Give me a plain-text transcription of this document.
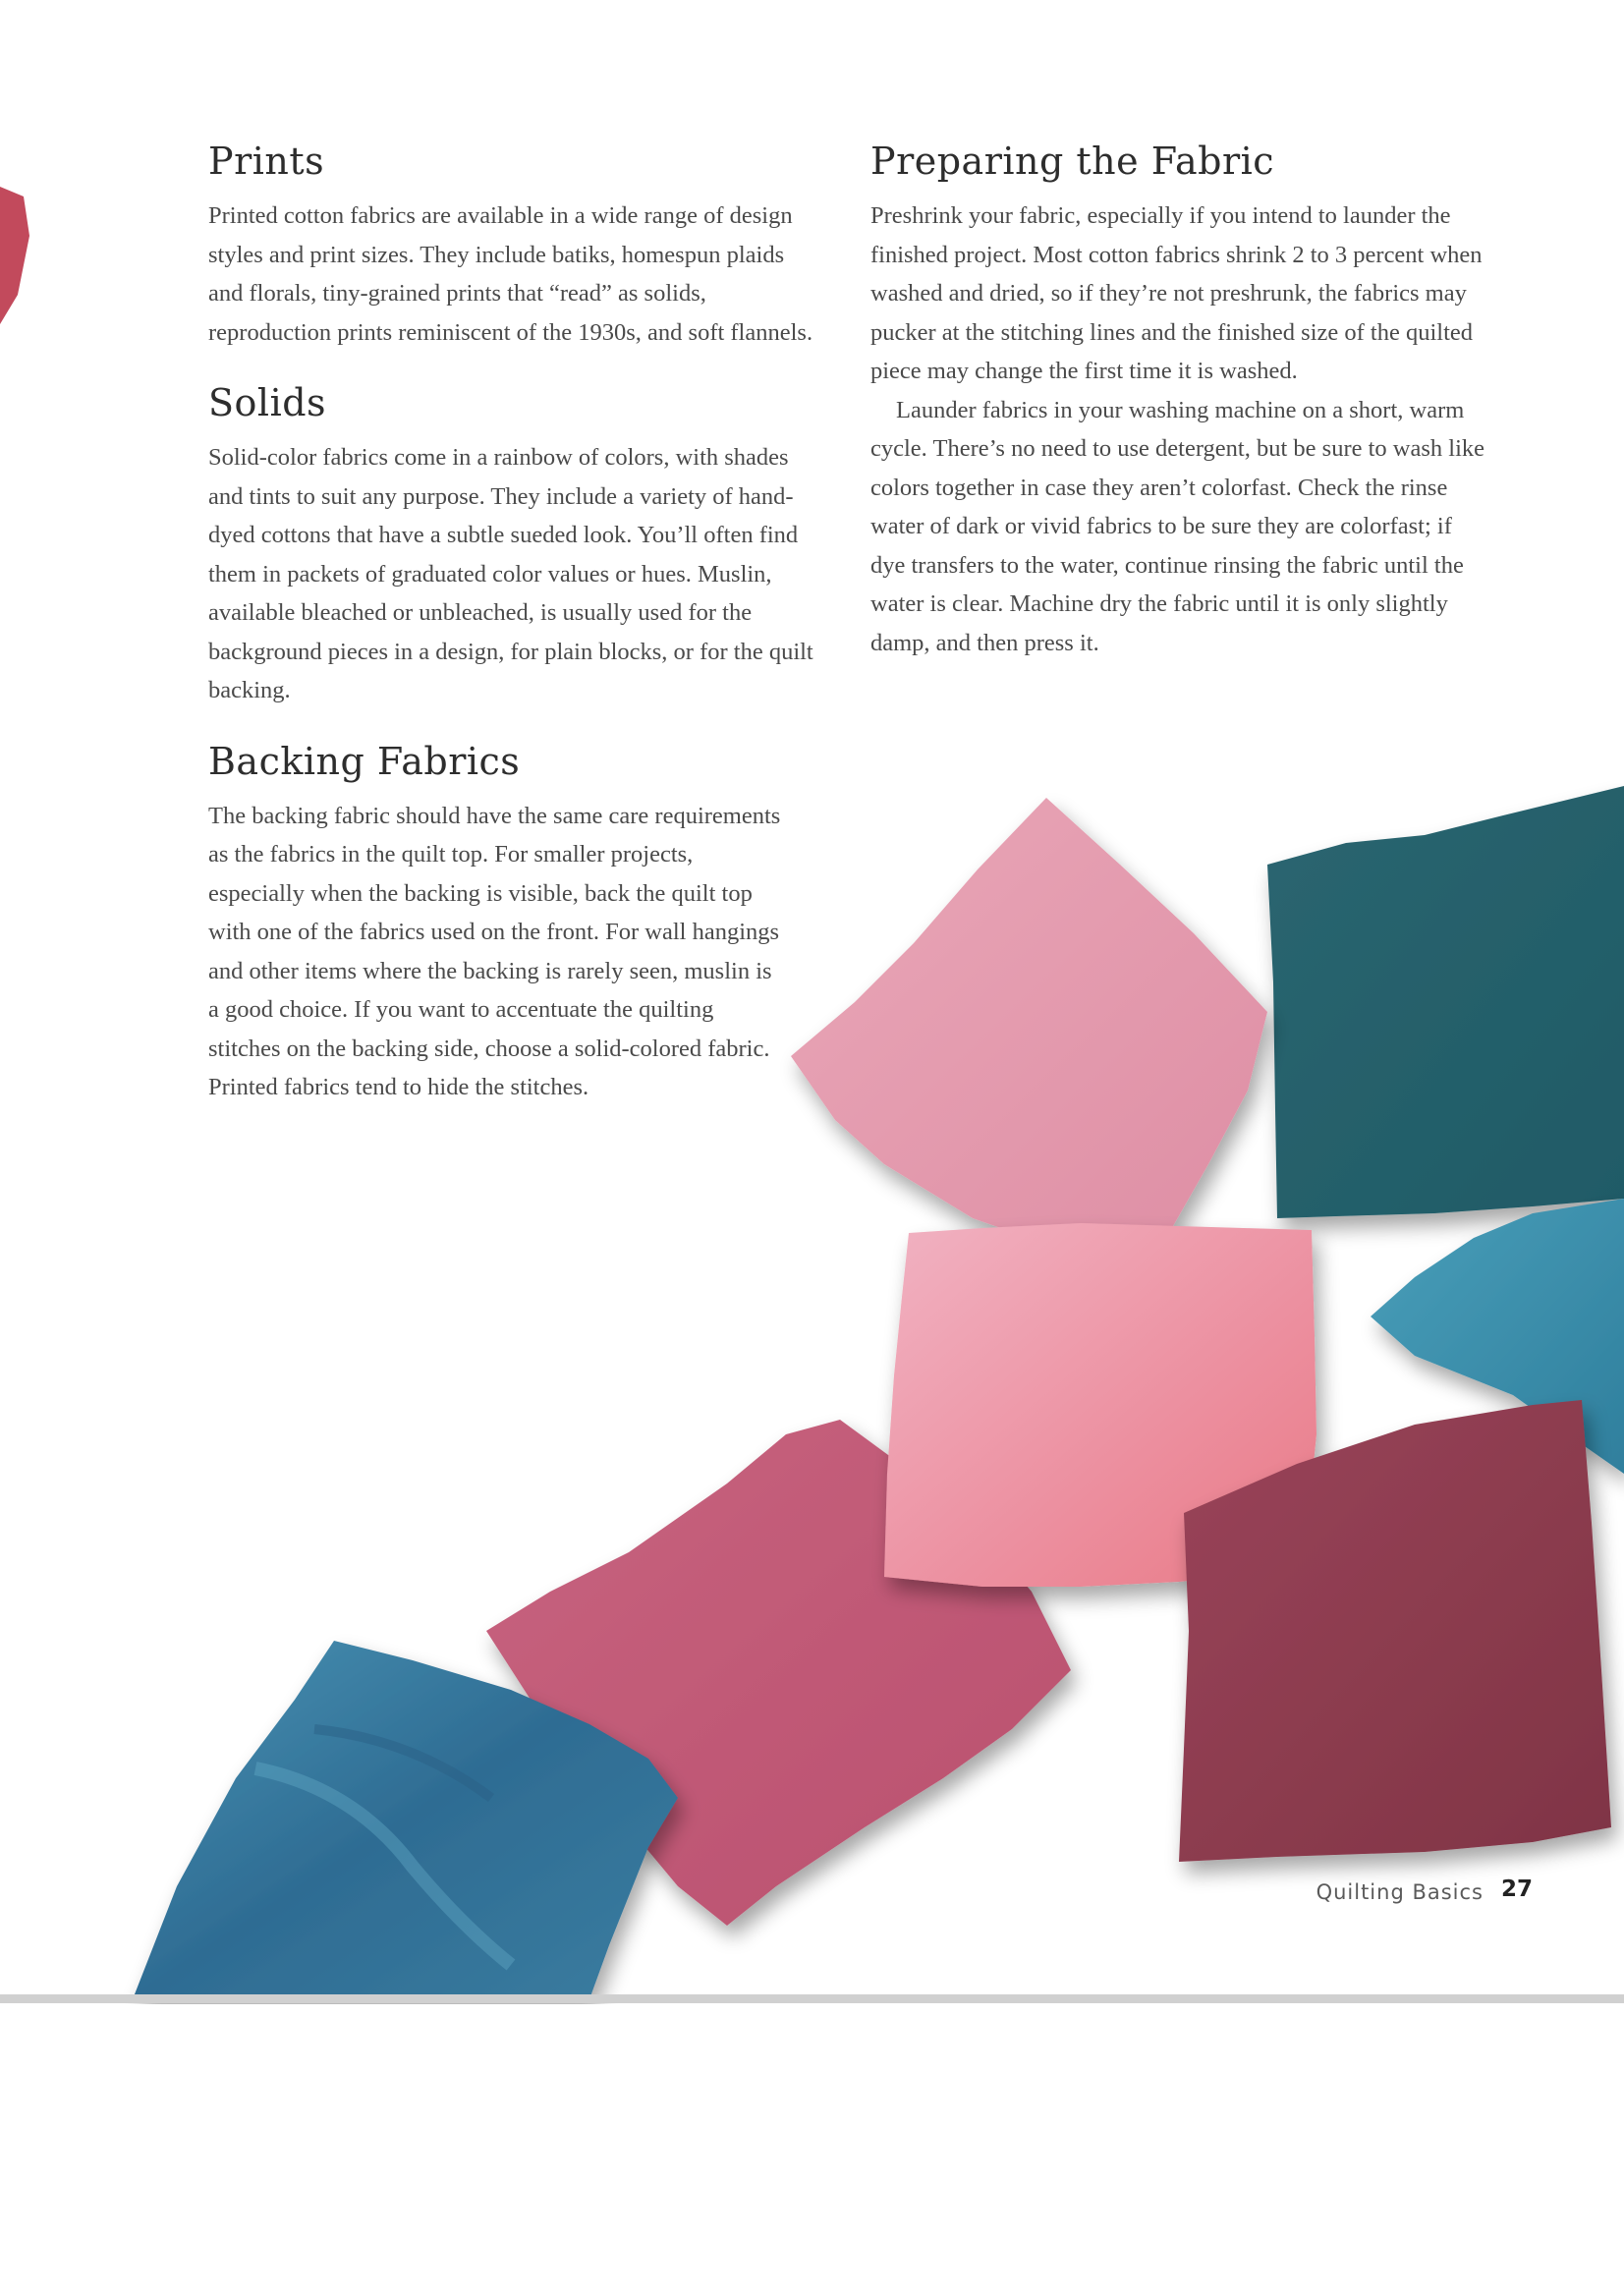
Prints

Printed cotton fabrics are available in a wide range of design styles and print sizes. They include batiks, homespun plaids and florals, tiny-grained prints that “read” as solids, reproduction prints reminiscent of the 1930s, and soft flannels.

Solids

Solid-color fabrics come in a rainbow of colors, with shades and tints to suit any purpose. They include a variety of hand-dyed cottons that have a subtle sueded look. You’ll often find them in packets of graduated color values or hues. Muslin, available bleached or unbleached, is usually used for the background pieces in a design, for plain blocks, or for the quilt backing.

Backing Fabrics

The backing fabric should have the same care requirements as the fabrics in the quilt top. For smaller projects, especially when the backing is visible, back the quilt top with one of the fabrics used on the front. For wall hangings and other items where the backing is rarely seen, muslin is a good choice. If you want to accentuate the quilting stitches on the backing side, choose a solid-colored fabric. Printed fabrics tend to hide the stitches.

Preparing the Fabric

Preshrink your fabric, especially if you intend to launder the finished project. Most cotton fabrics shrink 2 to 3 percent when washed and dried, so if they’re not preshrunk, the fabrics may pucker at the stitching lines and the finished size of the quilted piece may change the first time it is washed.

Launder fabrics in your washing machine on a short, warm cycle. There’s no need to use detergent, but be sure to wash like colors together in case they aren’t colorfast. Check the rinse water of dark or vivid fabrics to be sure they are colorfast; if dye transfers to the water, continue rinsing the fabric until the water is clear. Machine dry the fabric until it is only slightly damp, and then press it.

Quilting Basics 27
